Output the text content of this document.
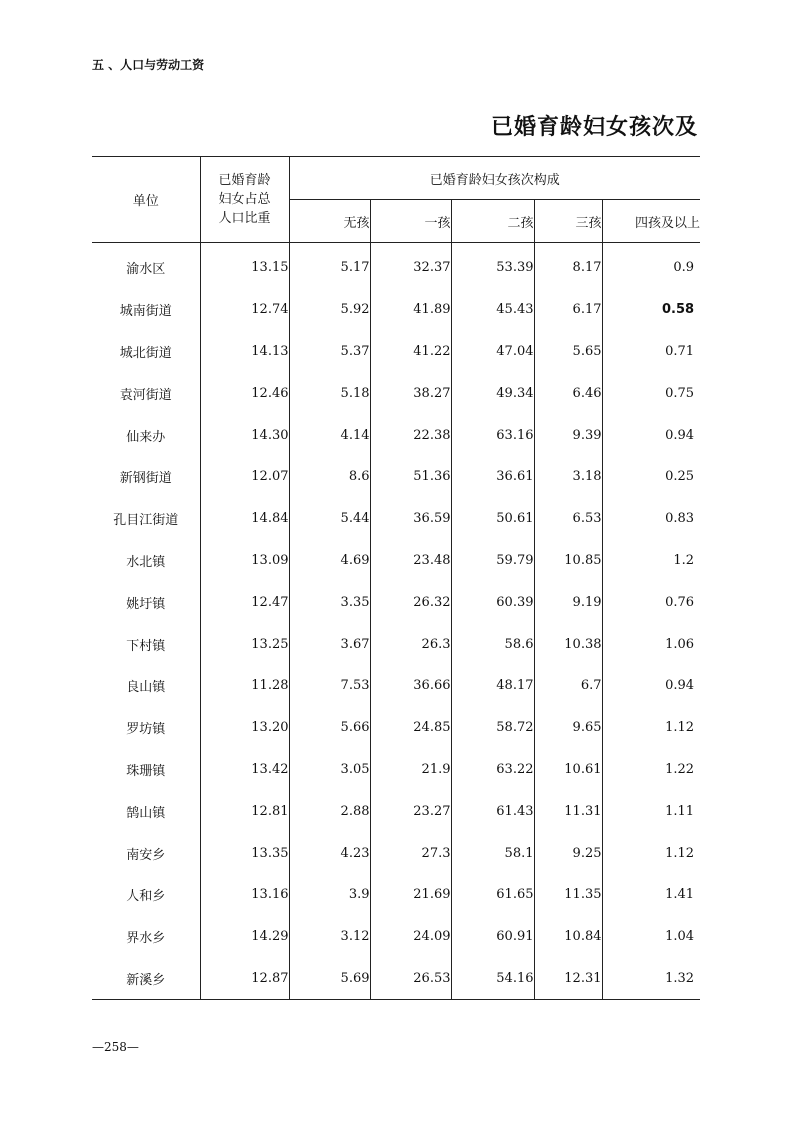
五 、人口与劳动工资
已婚育龄妇女孩次及
单位	已婚育龄妇女占总人口比重	已婚育龄妇女孩次构成				
		无孩	一孩	二孩	三孩	四孩及以上
渝水区	13.15	5.17	32.37	53.39	8.17	0.9
城南街道	12.74	5.92	41.89	45.43	6.17	0.58
城北街道	14.13	5.37	41.22	47.04	5.65	0.71
袁河街道	12.46	5.18	38.27	49.34	6.46	0.75
仙来办	14.30	4.14	22.38	63.16	9.39	0.94
新钢街道	12.07	8.6	51.36	36.61	3.18	0.25
孔目江街道	14.84	5.44	36.59	50.61	6.53	0.83
水北镇	13.09	4.69	23.48	59.79	10.85	1.2
姚圩镇	12.47	3.35	26.32	60.39	9.19	0.76
下村镇	13.25	3.67	26.3	58.6	10.38	1.06
良山镇	11.28	7.53	36.66	48.17	6.7	0.94
罗坊镇	13.20	5.66	24.85	58.72	9.65	1.12
珠珊镇	13.42	3.05	21.9	63.22	10.61	1.22
鹄山镇	12.81	2.88	23.27	61.43	11.31	1.11
南安乡	13.35	4.23	27.3	58.1	9.25	1.12
人和乡	13.16	3.9	21.69	61.65	11.35	1.41
界水乡	14.29	3.12	24.09	60.91	10.84	1.04
新溪乡	12.87	5.69	26.53	54.16	12.31	1.32
—258—
